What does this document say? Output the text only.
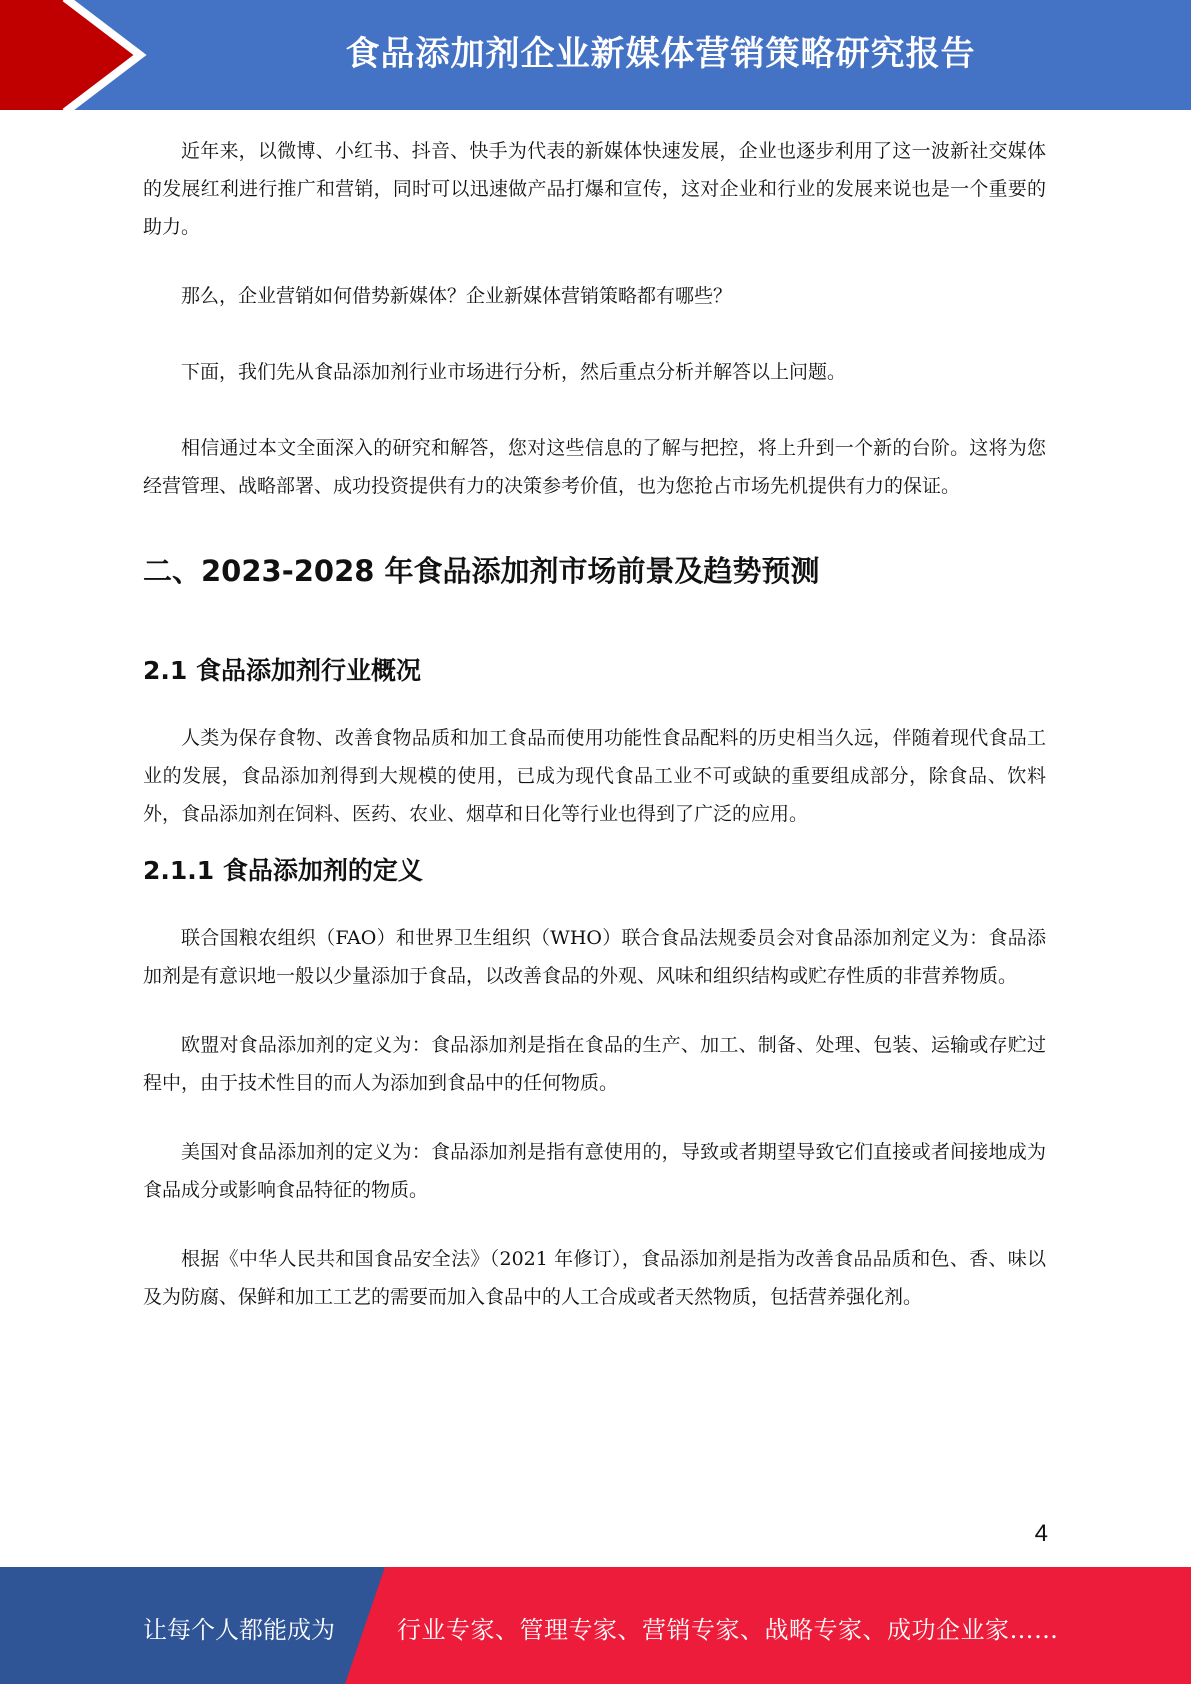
食品添加剂企业新媒体营销策略研究报告

近年来，以微博、小红书、抖音、快手为代表的新媒体快速发展，企业也逐步利用了这一波新社交媒体的发展红利进行推广和营销，同时可以迅速做产品打爆和宣传，这对企业和行业的发展来说也是一个重要的助力。

那么，企业营销如何借势新媒体？企业新媒体营销策略都有哪些？

下面，我们先从食品添加剂行业市场进行分析，然后重点分析并解答以上问题。

相信通过本文全面深入的研究和解答，您对这些信息的了解与把控，将上升到一个新的台阶。这将为您经营管理、战略部署、成功投资提供有力的决策参考价值，也为您抢占市场先机提供有力的保证。

二、2023-2028 年食品添加剂市场前景及趋势预测
2.1 食品添加剂行业概况

人类为保存食物、改善食物品质和加工食品而使用功能性食品配料的历史相当久远，伴随着现代食品工业的发展，食品添加剂得到大规模的使用，已成为现代食品工业不可或缺的重要组成部分，除食品、饮料外，食品添加剂在饲料、医药、农业、烟草和日化等行业也得到了广泛的应用。

2.1.1 食品添加剂的定义

联合国粮农组织（FAO）和世界卫生组织（WHO）联合食品法规委员会对食品添加剂定义为：食品添加剂是有意识地一般以少量添加于食品，以改善食品的外观、风味和组织结构或贮存性质的非营养物质。

欧盟对食品添加剂的定义为：食品添加剂是指在食品的生产、加工、制备、处理、包装、运输或存贮过程中，由于技术性目的而人为添加到食品中的任何物质。

美国对食品添加剂的定义为：食品添加剂是指有意使用的，导致或者期望导致它们直接或者间接地成为食品成分或影响食品特征的物质。

根据《中华人民共和国食品安全法》（2021 年修订），食品添加剂是指为改善食品品质和色、香、味以及为防腐、保鲜和加工工艺的需要而加入食品中的人工合成或者天然物质，包括营养强化剂。

4
让每个人都能成为	行业专家、管理专家、营销专家、战略专家、成功企业家……
